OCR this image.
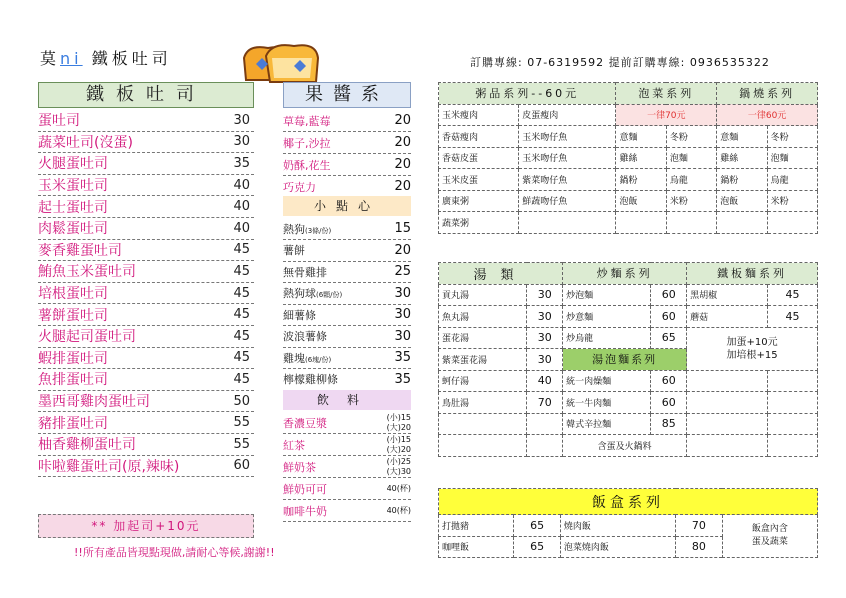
莫ni 鐵板吐司	訂購專線: 07-6319592 提前訂購專線: 0936535322
鐵板吐司
蛋吐司	30
蔬菜吐司(沒蛋)	30
火腿蛋吐司	35
玉米蛋吐司	40
起士蛋吐司	40
肉鬆蛋吐司	40
麥香雞蛋吐司	45
鮪魚玉米蛋吐司	45
培根蛋吐司	45
薯餅蛋吐司	45
火腿起司蛋吐司	45
蝦排蛋吐司	45
魚排蛋吐司	45
墨西哥雞肉蛋吐司	50
豬排蛋吐司	55
柚香雞柳蛋吐司	55
咔啦雞蛋吐司(原,辣味)	60
果醬系
草莓,藍莓	20
椰子,沙拉	20
奶酥,花生	20
巧克力	20
小點心
熱狗(3條/份)	15
薯餅	20
無骨雞排	25
熱狗球(6顆/份)	30
細薯條	30
波浪薯條	30
雞塊(6塊/份)	35
檸檬雞柳條	35
飲料
香濃豆漿	(小)15
(大)20
紅茶	(小)15
(大)20
鮮奶茶	(小)25
(大)30
鮮奶可可	40(杯)
咖啡牛奶	40(杯)
** 加起司+10元
!!所有產品皆現點現做,請耐心等候,謝謝!!
粥品系列--60元		泡菜系列		鍋燒系列	
玉米瘦肉	皮蛋瘦肉	一律70元		一律60元	
香菇瘦肉	玉米吻仔魚	意麵	冬粉	意麵	冬粉
香菇皮蛋	玉米吻仔魚	雞絲	泡麵	雞絲	泡麵
玉米皮蛋	紫菜吻仔魚	鍋粉	烏龍	鍋粉	烏龍
廣東粥	鮮蔬吻仔魚	泡飯	米粉	泡飯	米粉
蔬菜粥					
湯類		炒麵系列		鐵板麵系列	
貢丸湯	30	炒泡麵	60	黑胡椒	45
魚丸湯	30	炒意麵	60	蘑菇	45
蛋花湯	30	炒烏龍	65	加蛋+10元
加培根+15	
紫菜蛋花湯	30	湯泡麵系列			
蚵仔湯	40	統一肉燥麵	60		
鳥肚湯	70	統一牛肉麵	60		
		韓式辛拉麵	85		
		含蛋及火鍋料			
飯盒系列				
打拋豬	65	燒肉飯	70	飯盒內含
蛋及蔬菜
咖哩飯	65	泡菜燒肉飯	80	
